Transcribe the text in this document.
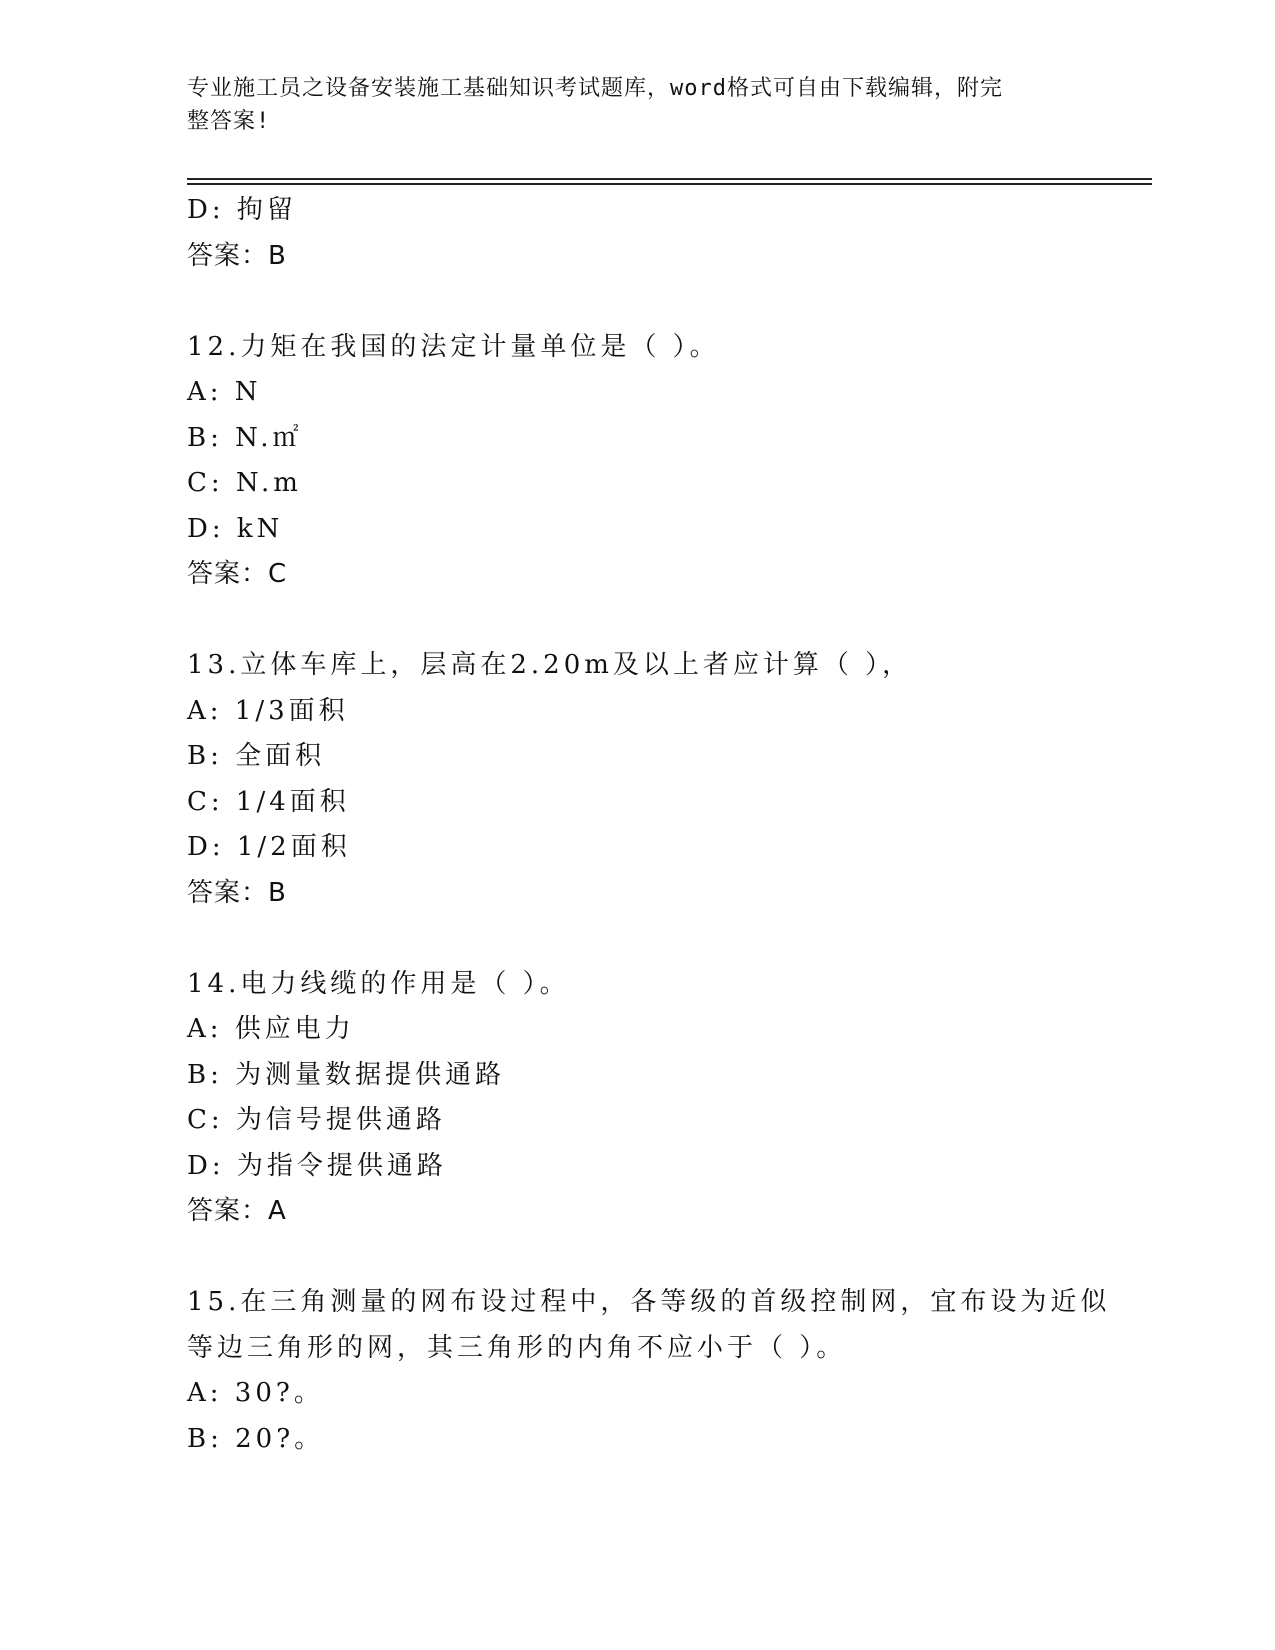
专业施工员之设备安装施工基础知识考试题库，word格式可自由下载编辑，附完
整答案!
D: 拘留
答案：B
12.力矩在我国的法定计量单位是（ ）。
A: N
B: N.㎡
C: N.m
D: kN
答案：C
13.立体车库上，层高在2.20m及以上者应计算（ ），
A: 1/3面积
B: 全面积
C: 1/4面积
D: 1/2面积
答案：B
14.电力线缆的作用是（ ）。
A: 供应电力
B: 为测量数据提供通路
C: 为信号提供通路
D: 为指令提供通路
答案：A
15.在三角测量的网布设过程中，各等级的首级控制网，宜布设为近似
等边三角形的网，其三角形的内角不应小于（ ）。
A: 30?。
B: 20?。
